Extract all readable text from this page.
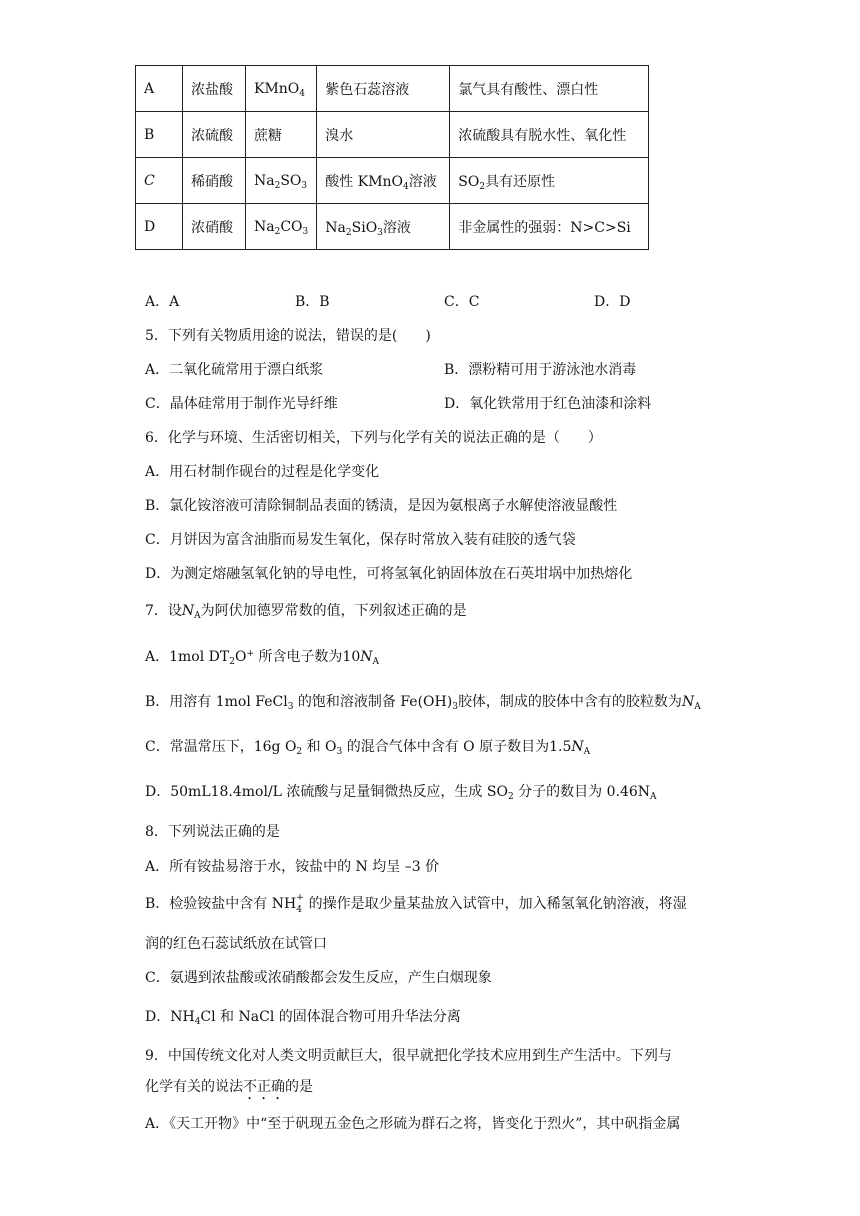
A	浓盐酸	KMnO$_4$	紫色石蕊溶液	氯气具有酸性、漂白性
B	浓硫酸	蔗糖	溴水	浓硫酸具有脱水性、氧化性
C	稀硝酸	$Na_2SO_3$	酸性 KMnO$_4$溶液	$SO_2$具有还原性
D	浓硝酸	$Na_2CO_3$	$Na_2SiO_3$溶液	非金属性的强弱：N>C>Si
A．A	B．B	C．C	D．D
5．下列有关物质用途的说法，错误的是(　　)
A．二氧化硫常用于漂白纸浆	B．漂粉精可用于游泳池水消毒
C．晶体硅常用于制作光导纤维	D．氧化铁常用于红色油漆和涂料
6．化学与环境、生活密切相关，下列与化学有关的说法正确的是（　　）
A．用石材制作砚台的过程是化学变化
B．氯化铵溶液可清除铜制品表面的锈渍，是因为氨根离子水解使溶液显酸性
C．月饼因为富含油脂而易发生氧化，保存时常放入装有硅胶的透气袋
D．为测定熔融氢氧化钠的导电性，可将氢氧化钠固体放在石英坩埚中加热熔化
7．设$N_A$为阿伏加德罗常数的值，下列叙述正确的是
A．1mol $DT_2O^+$ 所含电子数为$10N_A$
B．用溶有 1mol FeCl$_3$ 的饱和溶液制备 $Fe(OH)_3$胶体，制成的胶体中含有的胶粒数为$N_A$
C．常温常压下，16g $O_2$ 和 $O_3$ 的混合气体中含有 O 原子数目为$1.5N_A$
D．50mL18.4mol/L 浓硫酸与足量铜微热反应，生成 $SO_2$ 分子的数目为 $0.46N_A$
8．下列说法正确的是
A．所有铵盐易溶于水，铵盐中的 N 均呈 –3 价
B．检验铵盐中含有 NH +
4 的操作是取少量某盐放入试管中，加入稀氢氧化钠溶液，将湿
润的红色石蕊试纸放在试管口
C．氨遇到浓盐酸或浓硝酸都会发生反应，产生白烟现象
D．$NH_4Cl$ 和 NaCl 的固体混合物可用升华法分离
9．中国传统文化对人类文明贡献巨大，很早就把化学技术应用到生产生活中。下列与
化学有关的说法不正确的是
A．《天工开物》中“至于矾现五金色之形硫为群石之将，皆变化于烈火”，其中矾指金属
